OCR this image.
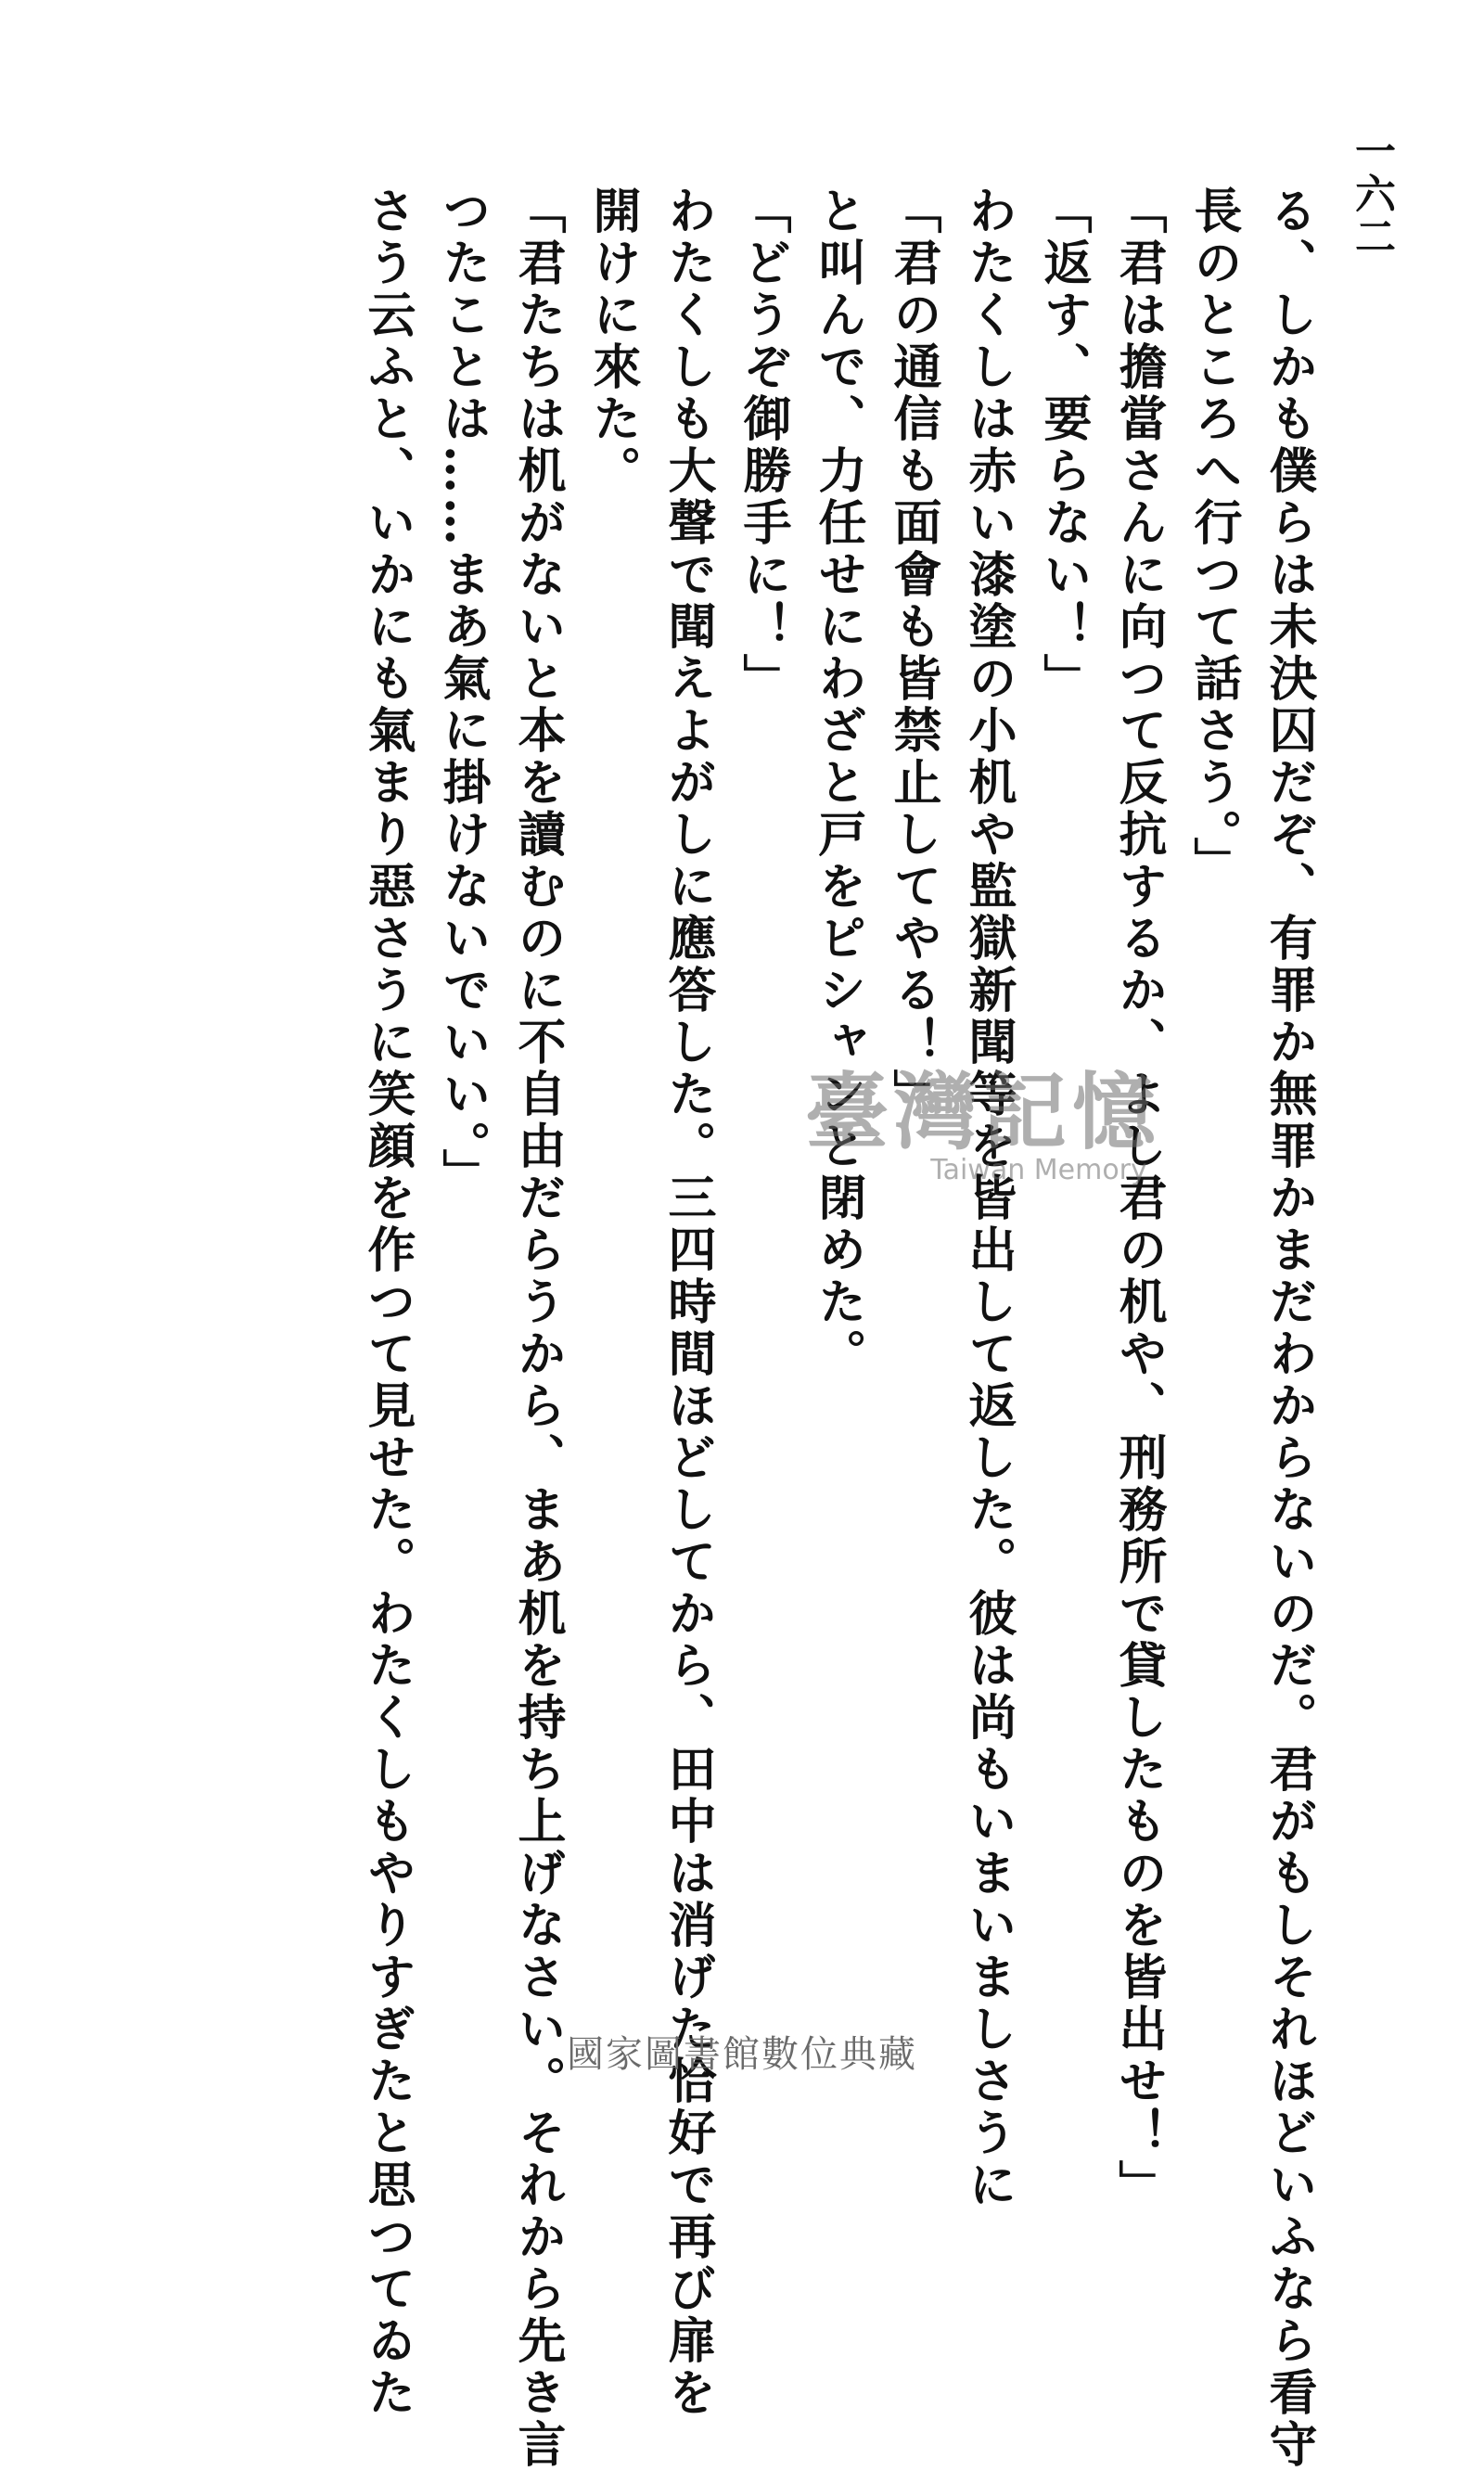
一六二

る、しかも僕らは未決囚だぞ、有罪か無罪かまだわからないのだ。君がもしそれほどいふなら看守

長のところへ行つて話さう。」

「君は擔當さんに向つて反抗するか、よし君の机や、刑務所で貸したものを皆出せ！」

「返す、要らない！」

わたくしは赤い漆塗の小机や監獄新聞等を皆出して返した。彼は尚もいまいましさうに

「君の通信も面會も皆禁止してやる！」

と叫んで、力任せにわざと戸をピシャンと閉めた。

「どうぞ御勝手に！」

わたくしも大聲で聞えよがしに應答した。三四時間ほどしてから、田中は消げた恰好で再び扉を

開けに來た。

「君たちは机がないと本を讀むのに不自由だらうから、まあ机を持ち上げなさい。それから先き言

つたことは……まあ氣に掛けないでいい。」

さう云ふと、いかにも氣まり惡さうに笑顔を作つて見せた。わたくしもやりすぎたと思つてゐた	臺灣記憶
Taiwan Memory
國家圖書館數位典藏
